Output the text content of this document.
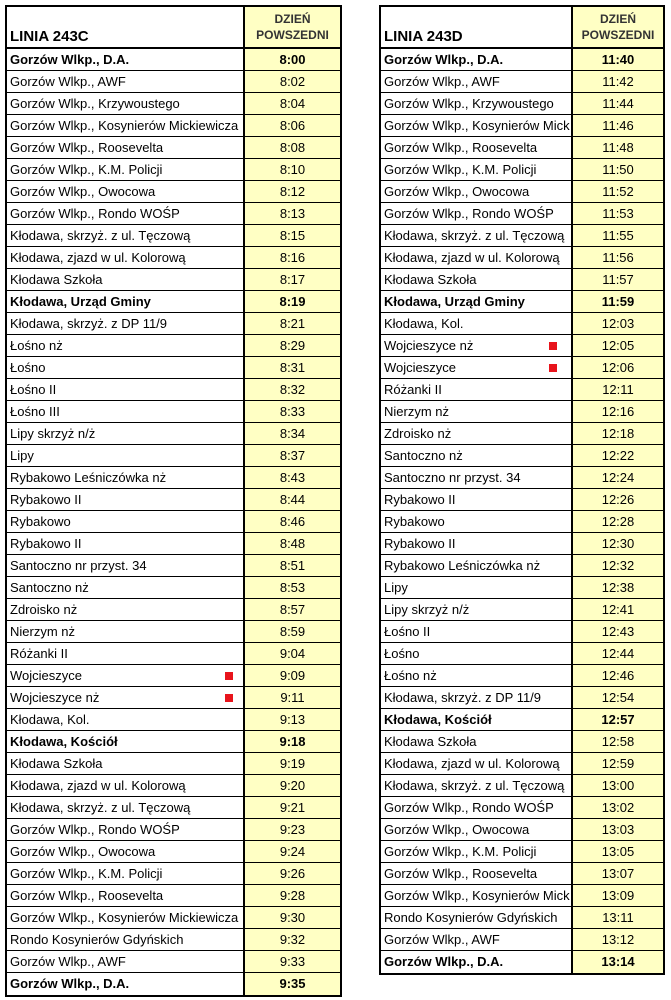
LINIA 243C
DZIEŃ
POWSZEDNI
Gorzów Wlkp., D.A.	8:00
Gorzów Wlkp., AWF	8:02
Gorzów Wlkp., Krzywoustego	8:04
Gorzów Wlkp., Kosynierów Mickiewicza	8:06
Gorzów Wlkp., Roosevelta	8:08
Gorzów Wlkp., K.M. Policji	8:10
Gorzów Wlkp., Owocowa	8:12
Gorzów Wlkp., Rondo WOŚP	8:13
Kłodawa, skrzyż. z ul. Tęczową	8:15
Kłodawa, zjazd w ul. Kolorową	8:16
Kłodawa Szkoła	8:17
Kłodawa, Urząd Gminy	8:19
Kłodawa, skrzyż. z DP 11/9	8:21
Łośno nż	8:29
Łośno	8:31
Łośno II	8:32
Łośno III	8:33
Lipy skrzyż n/ż	8:34
Lipy	8:37
Rybakowo Leśniczówka nż	8:43
Rybakowo II	8:44
Rybakowo	8:46
Rybakowo II	8:48
Santoczno nr przyst. 34	8:51
Santoczno nż	8:53
Zdroisko nż	8:57
Nierzym nż	8:59
Różanki II	9:04
Wojcieszyce	9:09
Wojcieszyce nż	9:11
Kłodawa, Kol.	9:13
Kłodawa, Kościół	9:18
Kłodawa Szkoła	9:19
Kłodawa, zjazd w ul. Kolorową	9:20
Kłodawa, skrzyż. z ul. Tęczową	9:21
Gorzów Wlkp., Rondo WOŚP	9:23
Gorzów Wlkp., Owocowa	9:24
Gorzów Wlkp., K.M. Policji	9:26
Gorzów Wlkp., Roosevelta	9:28
Gorzów Wlkp., Kosynierów Mickiewicza	9:30
Rondo Kosynierów Gdyńskich	9:32
Gorzów Wlkp., AWF	9:33
Gorzów Wlkp., D.A.	9:35
LINIA 243D
DZIEŃ
POWSZEDNI
Gorzów Wlkp., D.A.	11:40
Gorzów Wlkp., AWF	11:42
Gorzów Wlkp., Krzywoustego	11:44
Gorzów Wlkp., Kosynierów Mick	11:46
Gorzów Wlkp., Roosevelta	11:48
Gorzów Wlkp., K.M. Policji	11:50
Gorzów Wlkp., Owocowa	11:52
Gorzów Wlkp., Rondo WOŚP	11:53
Kłodawa, skrzyż. z ul. Tęczową	11:55
Kłodawa, zjazd w ul. Kolorową	11:56
Kłodawa Szkoła	11:57
Kłodawa, Urząd Gminy	11:59
Kłodawa, Kol.	12:03
Wojcieszyce nż	12:05
Wojcieszyce	12:06
Różanki II	12:11
Nierzym nż	12:16
Zdroisko nż	12:18
Santoczno nż	12:22
Santoczno nr przyst. 34	12:24
Rybakowo II	12:26
Rybakowo	12:28
Rybakowo II	12:30
Rybakowo Leśniczówka nż	12:32
Lipy	12:38
Lipy skrzyż n/ż	12:41
Łośno II	12:43
Łośno	12:44
Łośno nż	12:46
Kłodawa, skrzyż. z DP 11/9	12:54
Kłodawa, Kościół	12:57
Kłodawa Szkoła	12:58
Kłodawa, zjazd w ul. Kolorową	12:59
Kłodawa, skrzyż. z ul. Tęczową	13:00
Gorzów Wlkp., Rondo WOŚP	13:02
Gorzów Wlkp., Owocowa	13:03
Gorzów Wlkp., K.M. Policji	13:05
Gorzów Wlkp., Roosevelta	13:07
Gorzów Wlkp., Kosynierów Mick	13:09
Rondo Kosynierów Gdyńskich	13:11
Gorzów Wlkp., AWF	13:12
Gorzów Wlkp., D.A.	13:14
